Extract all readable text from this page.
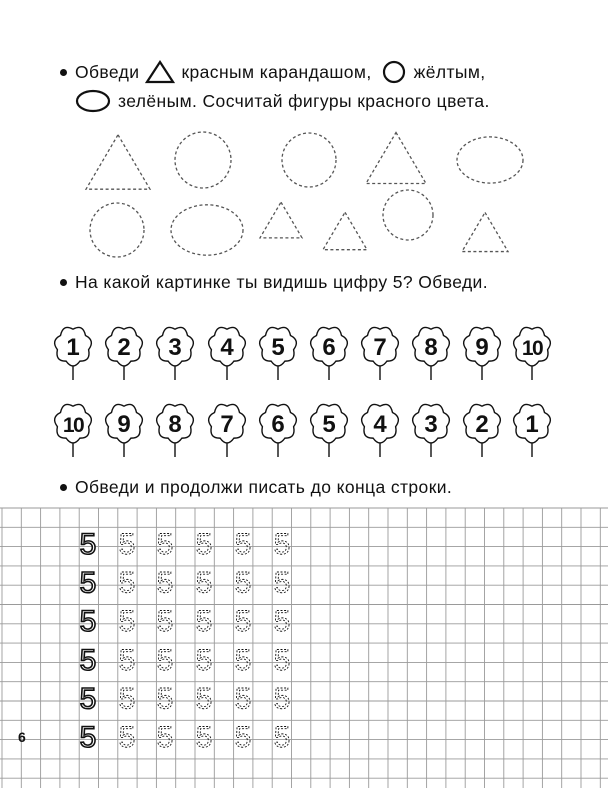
Обведи красным карандашом, жёлтым,
зелёным. Сосчитай фигуры красного цвета.
На какой картинке ты видишь цифру 5? Обведи.
1 2 3 4 5 6 7 8 9 10
10 9 8 7 6 5 4 3 2 1
Обведи и продолжи писать до конца строки.
5 5 5 5 5 5
5 5 5 5 5 5
5 5 5 5 5 5
5 5 5 5 5 5
5 5 5 5 5 5
5 5 5 5 5 5
6
